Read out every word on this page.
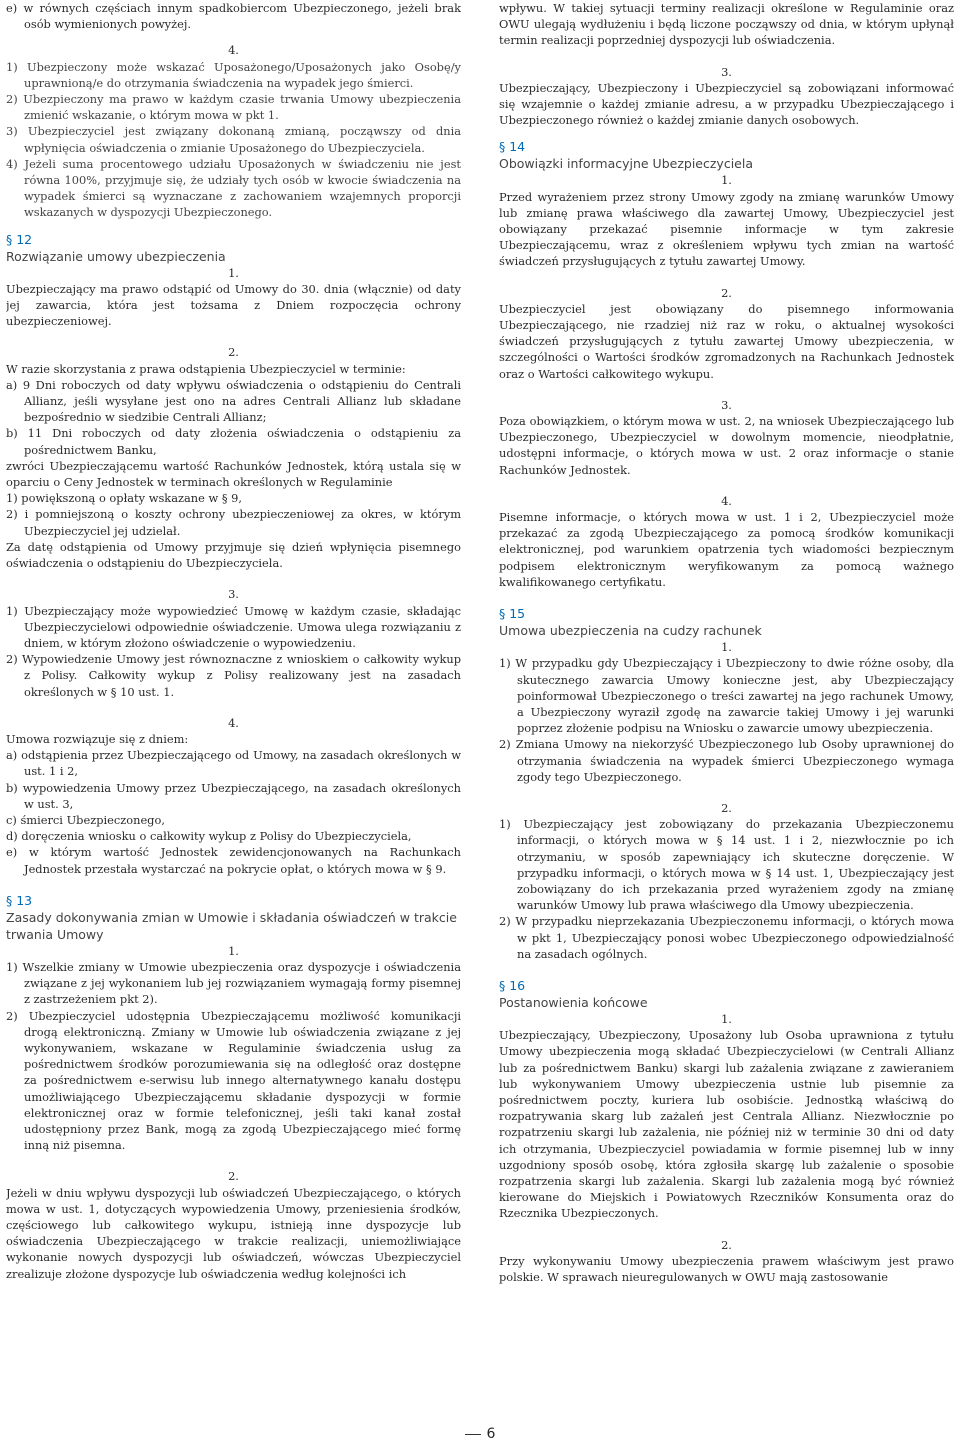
e) w równych częściach innym spadkobiercom Ubezpieczonego, jeżeli brak osób wymienionych powyżej.

4.

1) Ubezpieczony może wskazać Uposażonego/Uposażonych jako Osobę/y uprawnioną/e do otrzymania świadczenia na wypadek jego śmierci.

2) Ubezpieczony ma prawo w każdym czasie trwania Umowy ubezpieczenia zmienić wskazanie, o którym mowa w pkt 1.

3) Ubezpieczyciel jest związany dokonaną zmianą, począwszy od dnia wpłynięcia oświadczenia o zmianie Uposażonego do Ubezpieczyciela.

4) Jeżeli suma procentowego udziału Uposażonych w świadczeniu nie jest równa 100%, przyjmuje się, że udziały tych osób w kwocie świadczenia na wypadek śmierci są wyznaczane z zachowaniem wzajemnych proporcji wskazanych w dyspozycji Ubezpieczonego.

§ 12

Rozwiązanie umowy ubezpieczenia

1.

Ubezpieczający ma prawo odstąpić od Umowy do 30. dnia (włącznie) od daty jej zawarcia, która jest tożsama z Dniem rozpoczęcia ochrony ubezpieczeniowej.

2.

W razie skorzystania z prawa odstąpienia Ubezpieczyciel w terminie:

a) 9 Dni roboczych od daty wpływu oświadczenia o odstąpieniu do Centrali Allianz, jeśli wysyłane jest ono na adres Centrali Allianz lub składane bezpośrednio w siedzibie Centrali Allianz;

b) 11 Dni roboczych od daty złożenia oświadczenia o odstąpieniu za pośrednictwem Banku,

zwróci Ubezpieczającemu wartość Rachunków Jednostek, którą ustala się w oparciu o Ceny Jednostek w terminach określonych w Regulaminie

1) powiększoną o opłaty wskazane w § 9,

2) i pomniejszoną o koszty ochrony ubezpieczeniowej za okres, w którym Ubezpieczyciel jej udzielał.

Za datę odstąpienia od Umowy przyjmuje się dzień wpłynięcia pisemnego oświadczenia o odstąpieniu do Ubezpieczyciela.

3.

1) Ubezpieczający może wypowiedzieć Umowę w każdym czasie, składając Ubezpieczycielowi odpowiednie oświadczenie. Umowa ulega rozwiązaniu z dniem, w którym złożono oświadczenie o wypowiedzeniu.

2) Wypowiedzenie Umowy jest równoznaczne z wnioskiem o całkowity wykup z Polisy. Całkowity wykup z Polisy realizowany jest na zasadach określonych w § 10 ust. 1.

4.

Umowa rozwiązuje się z dniem:

a) odstąpienia przez Ubezpieczającego od Umowy, na zasadach określonych w ust. 1 i 2,

b) wypowiedzenia Umowy przez Ubezpieczającego, na zasadach określonych w ust. 3,

c) śmierci Ubezpieczonego,

d) doręczenia wniosku o całkowity wykup z Polisy do Ubezpieczyciela,

e) w którym wartość Jednostek zewidencjonowanych na Rachunkach Jednostek przestała wystarczać na pokrycie opłat, o których mowa w § 9.

§ 13

Zasady dokonywania zmian w Umowie i składania oświadczeń w trakcie trwania Umowy

1.

1) Wszelkie zmiany w Umowie ubezpieczenia oraz dyspozycje i oświadczenia związane z jej wykonaniem lub jej rozwiązaniem wymagają formy pisemnej z zastrzeżeniem pkt 2).

2) Ubezpieczyciel udostępnia Ubezpieczającemu możliwość komunikacji drogą elektroniczną. Zmiany w Umowie lub oświadczenia związane z jej wykonywaniem, wskazane w Regulaminie świadczenia usług za pośrednictwem środków porozumiewania się na odległość oraz dostępne za pośrednictwem e-serwisu lub innego alternatywnego kanału dostępu umożliwiającego Ubezpieczającemu składanie dyspozycji w formie elektronicznej oraz w formie telefonicznej, jeśli taki kanał został udostępniony przez Bank, mogą za zgodą Ubezpieczającego mieć formę inną niż pisemna.

2.

Jeżeli w dniu wpływu dyspozycji lub oświadczeń Ubezpieczającego, o których mowa w ust. 1, dotyczących wypowiedzenia Umowy, przeniesienia środków, częściowego lub całkowitego wykupu, istnieją inne dyspozycje lub oświadczenia Ubezpieczającego w trakcie realizacji, uniemożliwiające wykonanie nowych dyspozycji lub oświadczeń, wówczas Ubezpieczyciel zrealizuje złożone dyspozycje lub oświadczenia według kolejności ich

wpływu. W takiej sytuacji terminy realizacji określone w Regulaminie oraz OWU ulegają wydłużeniu i będą liczone począwszy od dnia, w którym upłynął termin realizacji poprzedniej dyspozycji lub oświadczenia.

3.

Ubezpieczający, Ubezpieczony i Ubezpieczyciel są zobowiązani informować się wzajemnie o każdej zmianie adresu, a w przypadku Ubezpieczającego i Ubezpieczonego również o każdej zmianie danych osobowych.

§ 14

Obowiązki informacyjne Ubezpieczyciela

1.

Przed wyrażeniem przez strony Umowy zgody na zmianę warunków Umowy lub zmianę prawa właściwego dla zawartej Umowy, Ubezpieczyciel jest obowiązany przekazać pisemnie informacje w tym zakresie Ubezpieczającemu, wraz z określeniem wpływu tych zmian na wartość świadczeń przysługujących z tytułu zawartej Umowy.

2.

Ubezpieczyciel jest obowiązany do pisemnego informowania Ubezpieczającego, nie rzadziej niż raz w roku, o aktualnej wysokości świadczeń przysługujących z tytułu zawartej Umowy ubezpieczenia, w szczególności o Wartości środków zgromadzonych na Rachunkach Jednostek oraz o Wartości całkowitego wykupu.

3.

Poza obowiązkiem, o którym mowa w ust. 2, na wniosek Ubezpieczającego lub Ubezpieczonego, Ubezpieczyciel w dowolnym momencie, nieodpłatnie, udostępni informacje, o których mowa w ust. 2 oraz informacje o stanie Rachunków Jednostek.

4.

Pisemne informacje, o których mowa w ust. 1 i 2, Ubezpieczyciel może przekazać za zgodą Ubezpieczającego za pomocą środków komunikacji elektronicznej, pod warunkiem opatrzenia tych wiadomości bezpiecznym podpisem elektronicznym weryfikowanym za pomocą ważnego kwalifikowanego certyfikatu.

§ 15

Umowa ubezpieczenia na cudzy rachunek

1.

1) W przypadku gdy Ubezpieczający i Ubezpieczony to dwie różne osoby, dla skutecznego zawarcia Umowy konieczne jest, aby Ubezpieczający poinformował Ubezpieczonego o treści zawartej na jego rachunek Umowy, a Ubezpieczony wyraził zgodę na zawarcie takiej Umowy i jej warunki poprzez złożenie podpisu na Wniosku o zawarcie umowy ubezpieczenia.

2) Zmiana Umowy na niekorzyść Ubezpieczonego lub Osoby uprawnionej do otrzymania świadczenia na wypadek śmierci Ubezpieczonego wymaga zgody tego Ubezpieczonego.

2.

1) Ubezpieczający jest zobowiązany do przekazania Ubezpieczonemu informacji, o których mowa w § 14 ust. 1 i 2, niezwłocznie po ich otrzymaniu, w sposób zapewniający ich skuteczne doręczenie. W przypadku informacji, o których mowa w § 14 ust. 1, Ubezpieczający jest zobowiązany do ich przekazania przed wyrażeniem zgody na zmianę warunków Umowy lub prawa właściwego dla Umowy ubezpieczenia.

2) W przypadku nieprzekazania Ubezpieczonemu informacji, o których mowa w pkt 1, Ubezpieczający ponosi wobec Ubezpieczonego odpowiedzialność na zasadach ogólnych.

§ 16

Postanowienia końcowe

1.

Ubezpieczający, Ubezpieczony, Uposażony lub Osoba uprawniona z tytułu Umowy ubezpieczenia mogą składać Ubezpieczycielowi (w Centrali Allianz lub za pośrednictwem Banku) skargi lub zażalenia związane z zawieraniem lub wykonywaniem Umowy ubezpieczenia ustnie lub pisemnie za pośrednictwem poczty, kuriera lub osobiście. Jednostką właściwą do rozpatrywania skarg lub zażaleń jest Centrala Allianz. Niezwłocznie po rozpatrzeniu skargi lub zażalenia, nie później niż w terminie 30 dni od daty ich otrzymania, Ubezpieczyciel powiadamia w formie pisemnej lub w inny uzgodniony sposób osobę, która zgłosiła skargę lub zażalenie o sposobie rozpatrzenia skargi lub zażalenia. Skargi lub zażalenia mogą być również kierowane do Miejskich i Powiatowych Rzeczników Konsumenta oraz do Rzecznika Ubezpieczonych.

2.

Przy wykonywaniu Umowy ubezpieczenia prawem właściwym jest prawo polskie. W sprawach nieuregulowanych w OWU mają zastosowanie

6
